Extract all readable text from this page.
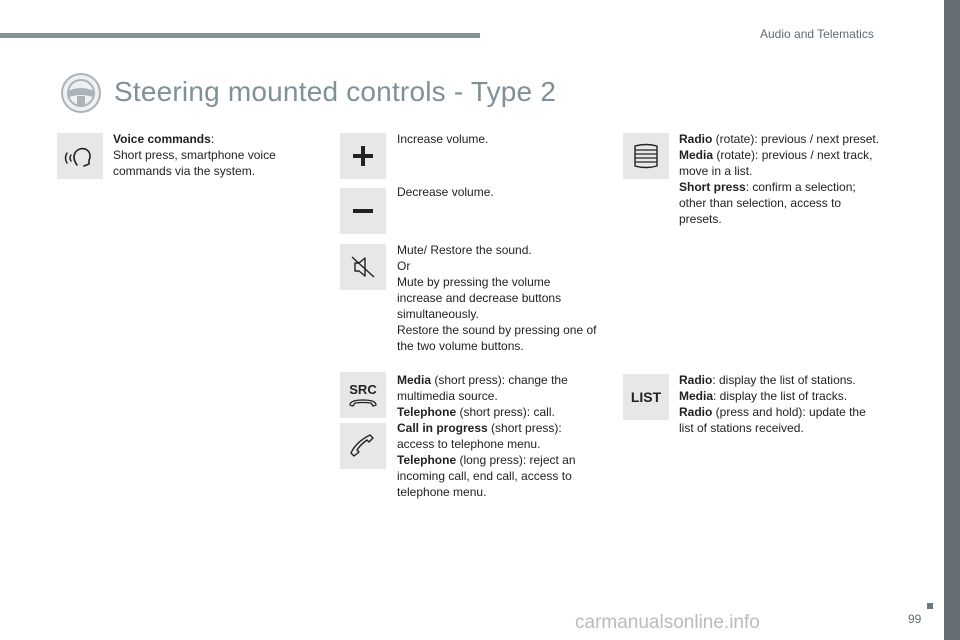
Audio and Telematics
Steering mounted controls - Type 2
Voice commands:
Short press, smartphone voice
commands via the system.
Increase volume.
Decrease volume.
Mute/ Restore the sound.
Or
Mute by pressing the volume
increase and decrease buttons
simultaneously.
Restore the sound by pressing one of
the two volume buttons.
SRC
Media (short press): change the
multimedia source.
Telephone (short press): call.
Call in progress (short press):
access to telephone menu.
Telephone (long press): reject an
incoming call, end call, access to
telephone menu.
Radio (rotate): previous / next preset.
Media (rotate): previous / next track,
move in a list.
Short press: confirm a selection;
other than selection, access to
presets.
LIST
Radio: display the list of stations.
Media: display the list of tracks.
Radio (press and hold): update the
list of stations received.
carmanualsonline.info	99
